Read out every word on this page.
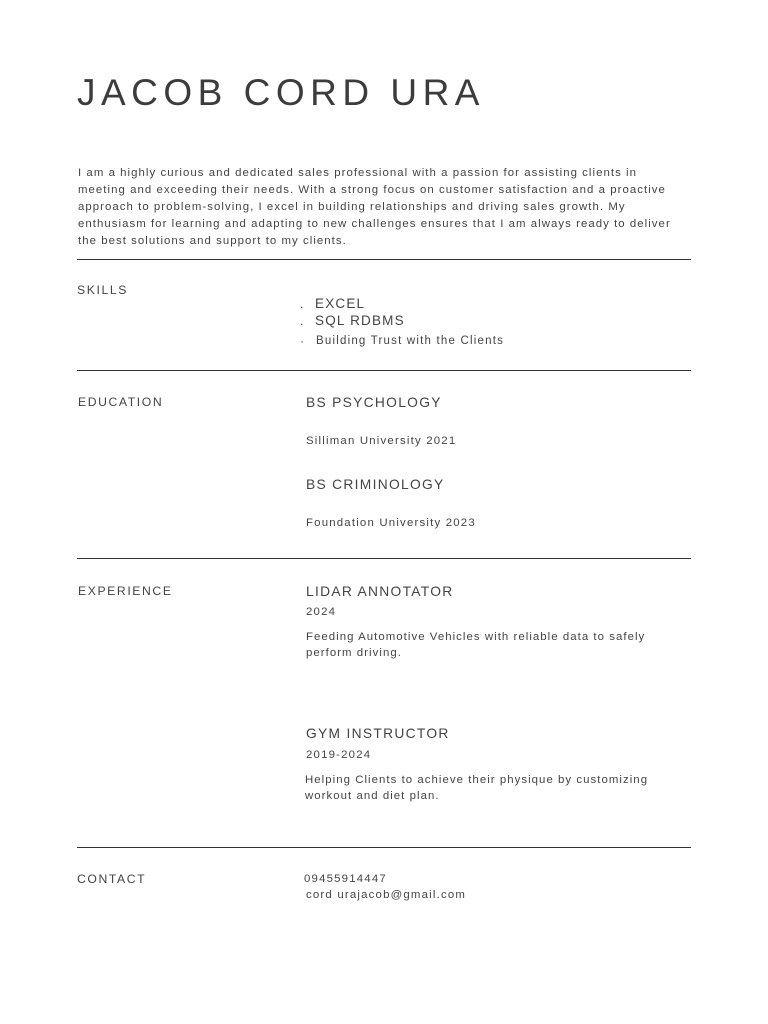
JACOB CORD URA

I am a highly curious and dedicated sales professional with a passion for assisting clients in meeting and exceeding their needs. With a strong focus on customer satisfaction and a proactive approach to problem-solving, I excel in building relationships and driving sales growth. My enthusiasm for learning and adapting to new challenges ensures that I am always ready to deliver the best solutions and support to my clients.

SKILLS
. EXCEL
. SQL RDBMS
· Building Trust with the Clients
EDUCATION	BS PSYCHOLOGY
Silliman University 2021
BS CRIMINOLOGY
Foundation University 2023
EXPERIENCE	LIDAR ANNOTATOR
2024
Feeding Automotive Vehicles with reliable data to safely perform driving.
GYM INSTRUCTOR
2019-2024
Helping Clients to achieve their physique by customizing workout and diet plan.
CONTACT	09455914447
cord urajacob@gmail.com
